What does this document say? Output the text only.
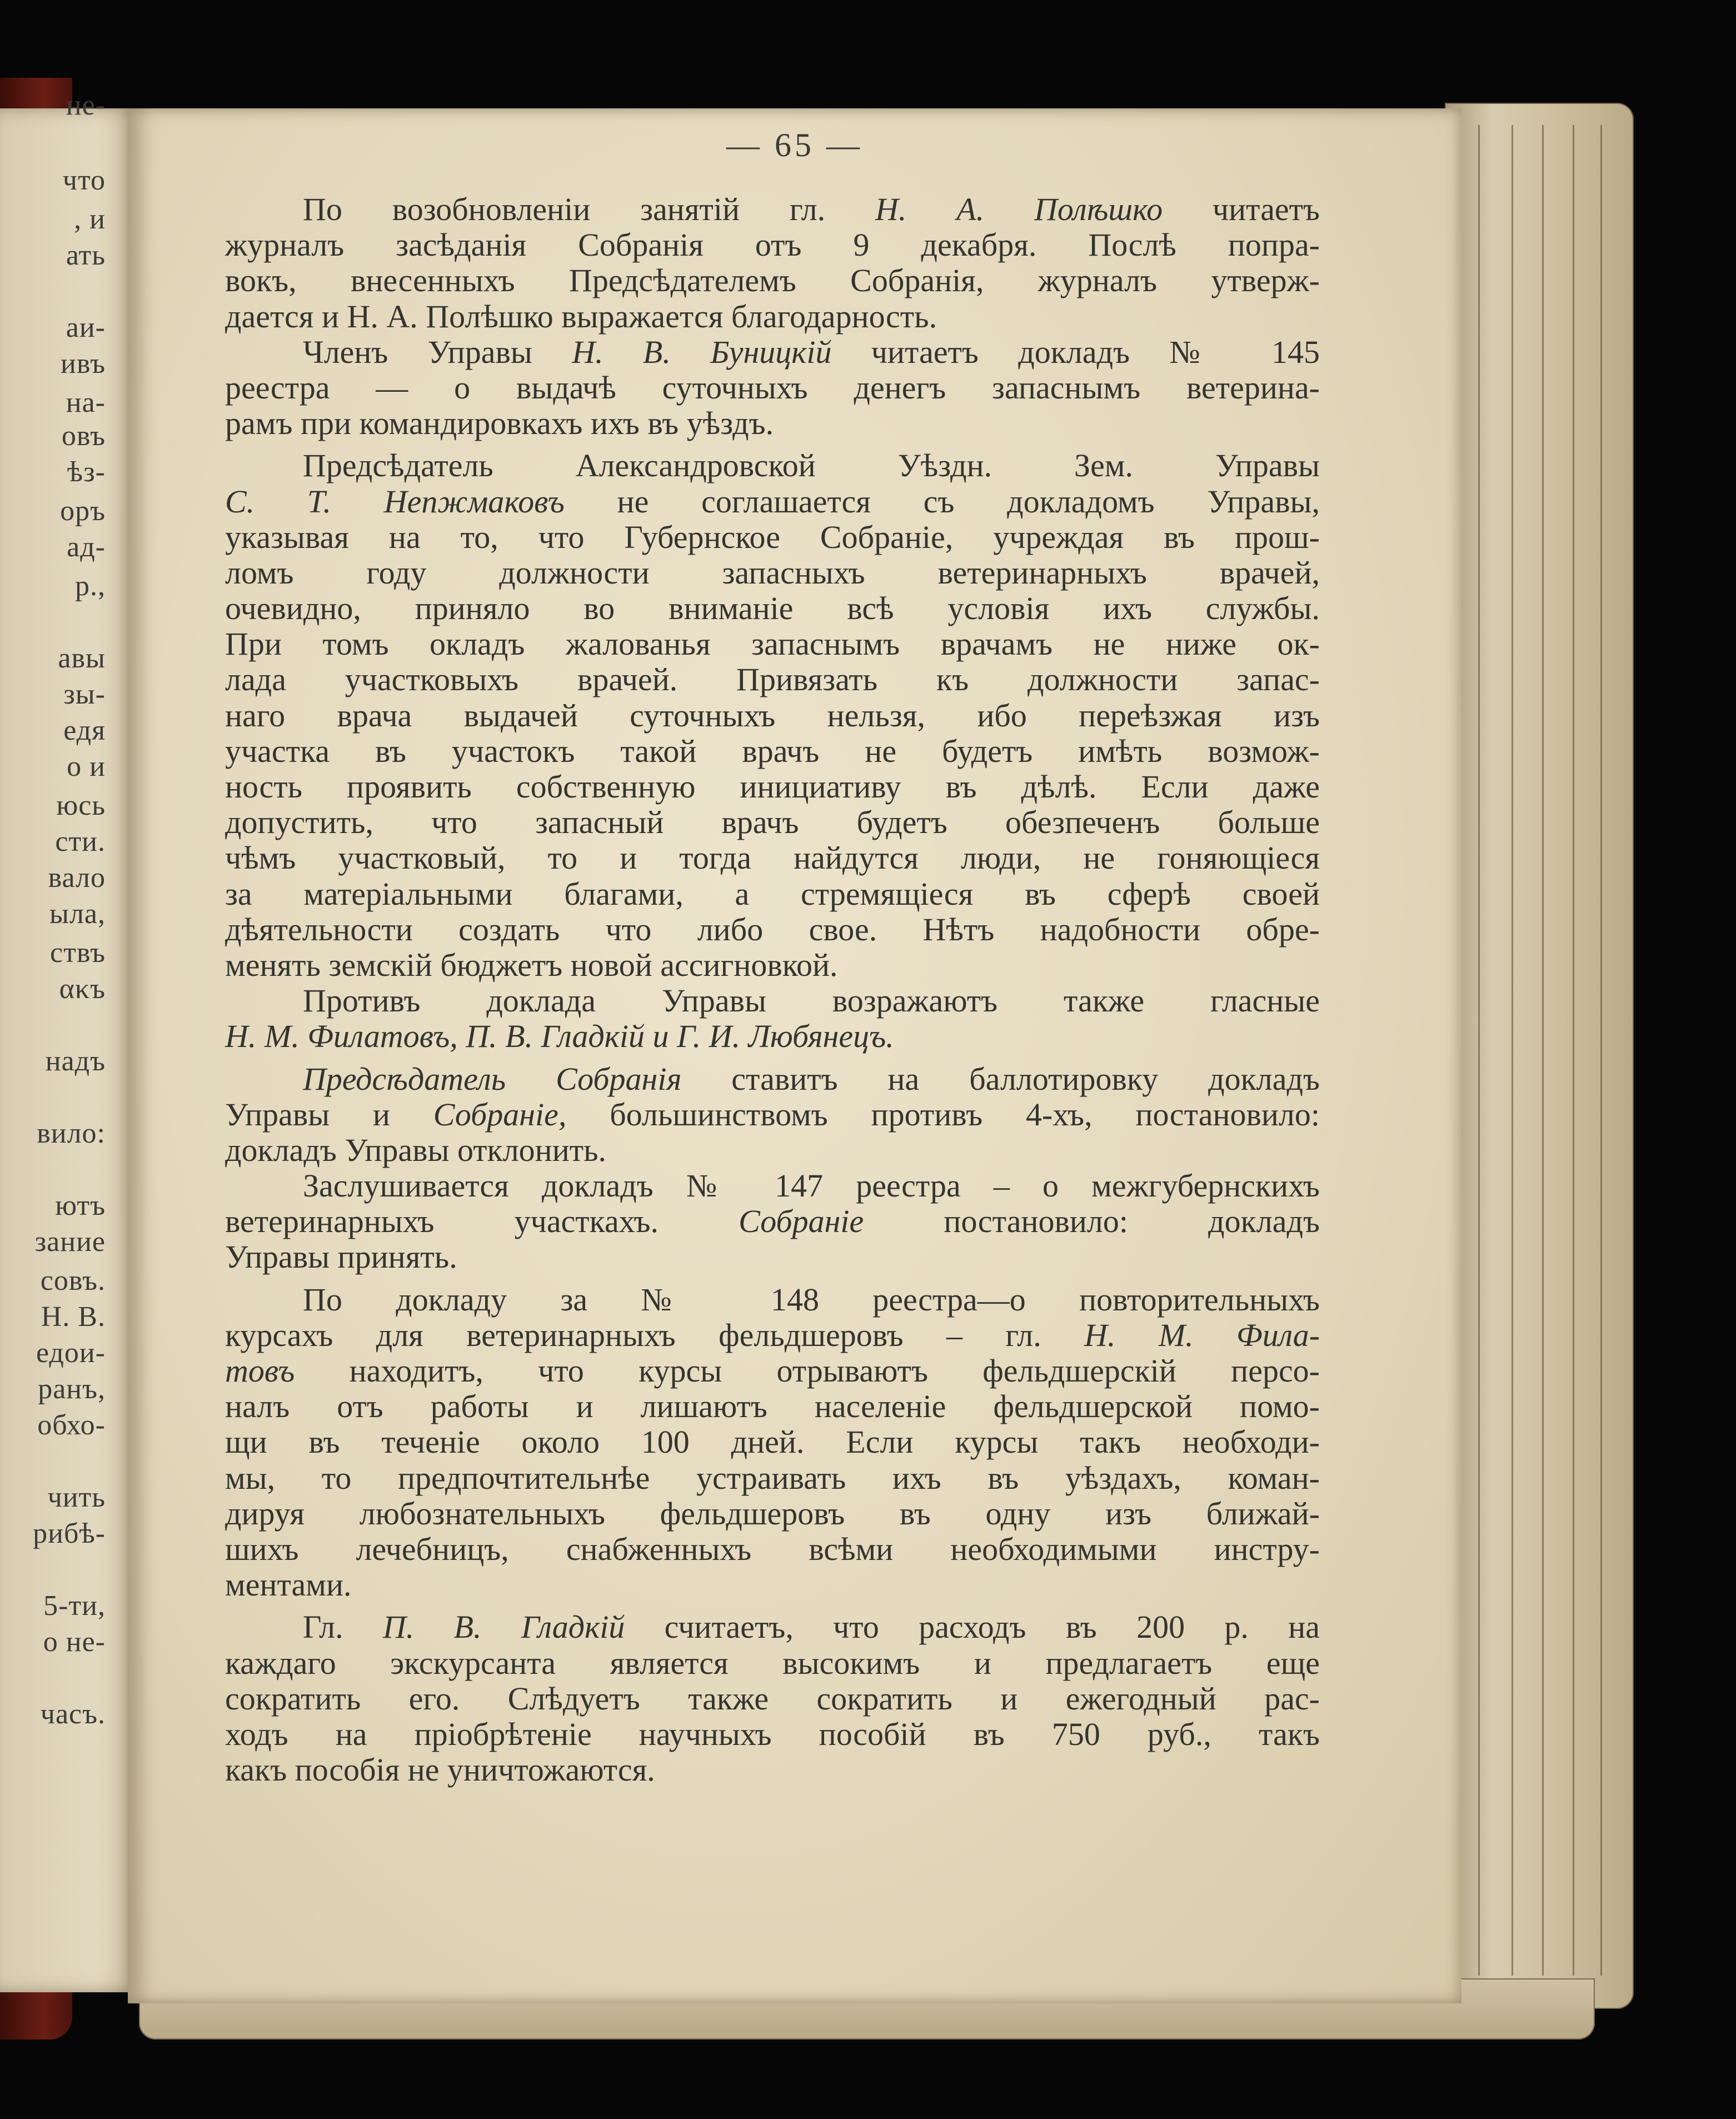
не-
что
, и
ать
аи-
ивъ
на-
овъ
ѣз-
оръ
ад-
р.,
авы
зы-
едя
о и
юсь
сти.
вало
ыла,
ствъ
ακъ
надъ
вило:
ютъ
зание
совъ.
Н. В.
едои-
ранъ,
обхо-
чить
рибѣ-
5-ти,
о не-
часъ.
— 65 —
По возобновленіи занятій гл. Н. А. Полѣшко читаетъ
журналъ засѣданія Собранія отъ 9 декабря. Послѣ попра-
вокъ, внесенныхъ Предсѣдателемъ Собранія, журналъ утверж-
дается и Н. А. Полѣшко выражается благодарность.
Членъ Управы Н. В. Буницкій читаетъ докладъ № 145
реестра — о выдачѣ суточныхъ денегъ запаснымъ ветерина-
рамъ при командировкахъ ихъ въ уѣздъ.
Предсѣдатель Александровской Уѣздн. Зем. Управы
С. Т. Непжмаковъ не соглашается съ докладомъ Управы,
указывая на то, что Губернское Собраніе, учреждая въ прош-
ломъ году должности запасныхъ ветеринарныхъ врачей,
очевидно, приняло во вниманіе всѣ условія ихъ службы.
При томъ окладъ жалованья запаснымъ врачамъ не ниже ок-
лада участковыхъ врачей. Привязать къ должности запас-
наго врача выдачей суточныхъ нельзя, ибо переѣзжая изъ
участка въ участокъ такой врачъ не будетъ имѣть возмож-
ность проявить собственную инициативу въ дѣлѣ. Если даже
допустить, что запасный врачъ будетъ обезпеченъ больше
чѣмъ участковый, то и тогда найдутся люди, не гоняющіеся
за матеріальными благами, а стремящіеся въ сферѣ своей
дѣятельности создать что либо свое. Нѣтъ надобности обре-
менять земскій бюджетъ новой ассигновкой.
Противъ доклада Управы возражаютъ также гласные
Н. М. Филатовъ, П. В. Гладкій и Г. И. Любянецъ.
Предсѣдатель Собранія ставитъ на баллотировку докладъ
Управы и Собраніе, большинствомъ противъ 4-хъ, постановило:
докладъ Управы отклонить.
Заслушивается докладъ № 147 реестра – о межгубернскихъ
ветеринарныхъ участкахъ. Собраніе постановило: докладъ
Управы принять.
По докладу за № 148 реестра—о повторительныхъ
курсахъ для ветеринарныхъ фельдшеровъ – гл. Н. М. Фила-
товъ находитъ, что курсы отрываютъ фельдшерскій персо-
налъ отъ работы и лишаютъ населеніе фельдшерской помо-
щи въ теченіе около 100 дней. Если курсы такъ необходи-
мы, то предпочтительнѣе устраивать ихъ въ уѣздахъ, коман-
дируя любознательныхъ фельдшеровъ въ одну изъ ближай-
шихъ лечебницъ, снабженныхъ всѣми необходимыми инстру-
ментами.
Гл. П. В. Гладкій считаетъ, что расходъ въ 200 р. на
каждаго экскурсанта является высокимъ и предлагаетъ еще
сократить его. Слѣдуетъ также сократить и ежегодный рас-
ходъ на пріобрѣтеніе научныхъ пособій въ 750 руб., такъ
какъ пособія не уничтожаются.
